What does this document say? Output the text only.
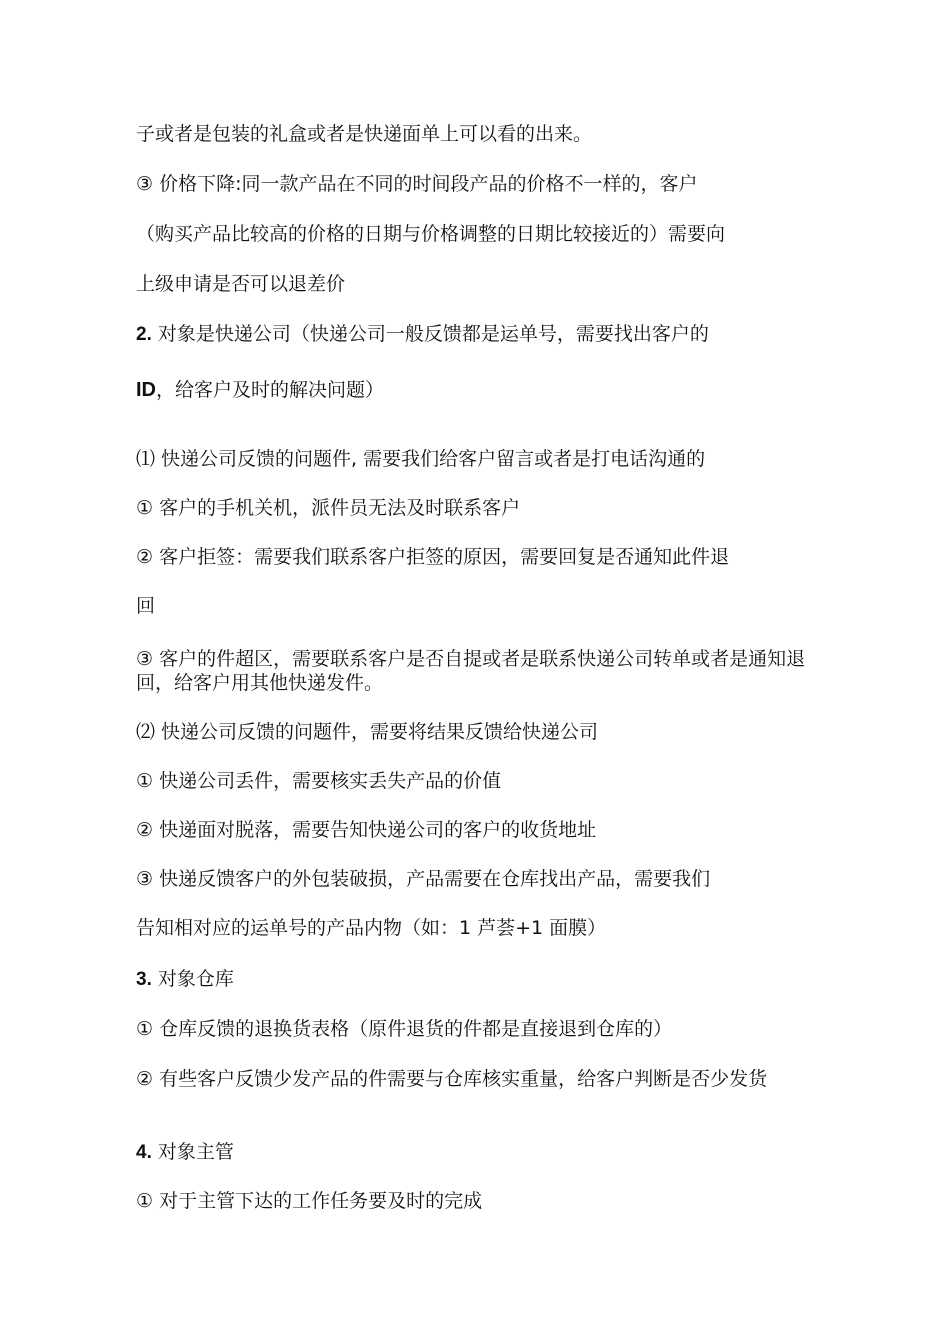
子或者是包装的礼盒或者是快递面单上可以看的出来。

③ 价格下降:同一款产品在不同的时间段产品的价格不一样的，客户

（购买产品比较高的价格的日期与价格调整的日期比较接近的）需要向

上级申请是否可以退差价

2. 对象是快递公司（快递公司一般反馈都是运单号，需要找出客户的

ID，给客户及时的解决问题）

⑴ 快递公司反馈的问题件, 需要我们给客户留言或者是打电话沟通的

① 客户的手机关机，派件员无法及时联系客户

② 客户拒签：需要我们联系客户拒签的原因，需要回复是否通知此件退

回

③ 客户的件超区，需要联系客户是否自提或者是联系快递公司转单或者是通知退回，给客户用其他快递发件。

⑵ 快递公司反馈的问题件，需要将结果反馈给快递公司

① 快递公司丢件，需要核实丢失产品的价值

② 快递面对脱落，需要告知快递公司的客户的收货地址

③ 快递反馈客户的外包装破损，产品需要在仓库找出产品，需要我们

告知相对应的运单号的产品内物（如：1 芦荟+1 面膜）

3. 对象仓库

① 仓库反馈的退换货表格（原件退货的件都是直接退到仓库的）

② 有些客户反馈少发产品的件需要与仓库核实重量，给客户判断是否少发货

4. 对象主管

① 对于主管下达的工作任务要及时的完成
